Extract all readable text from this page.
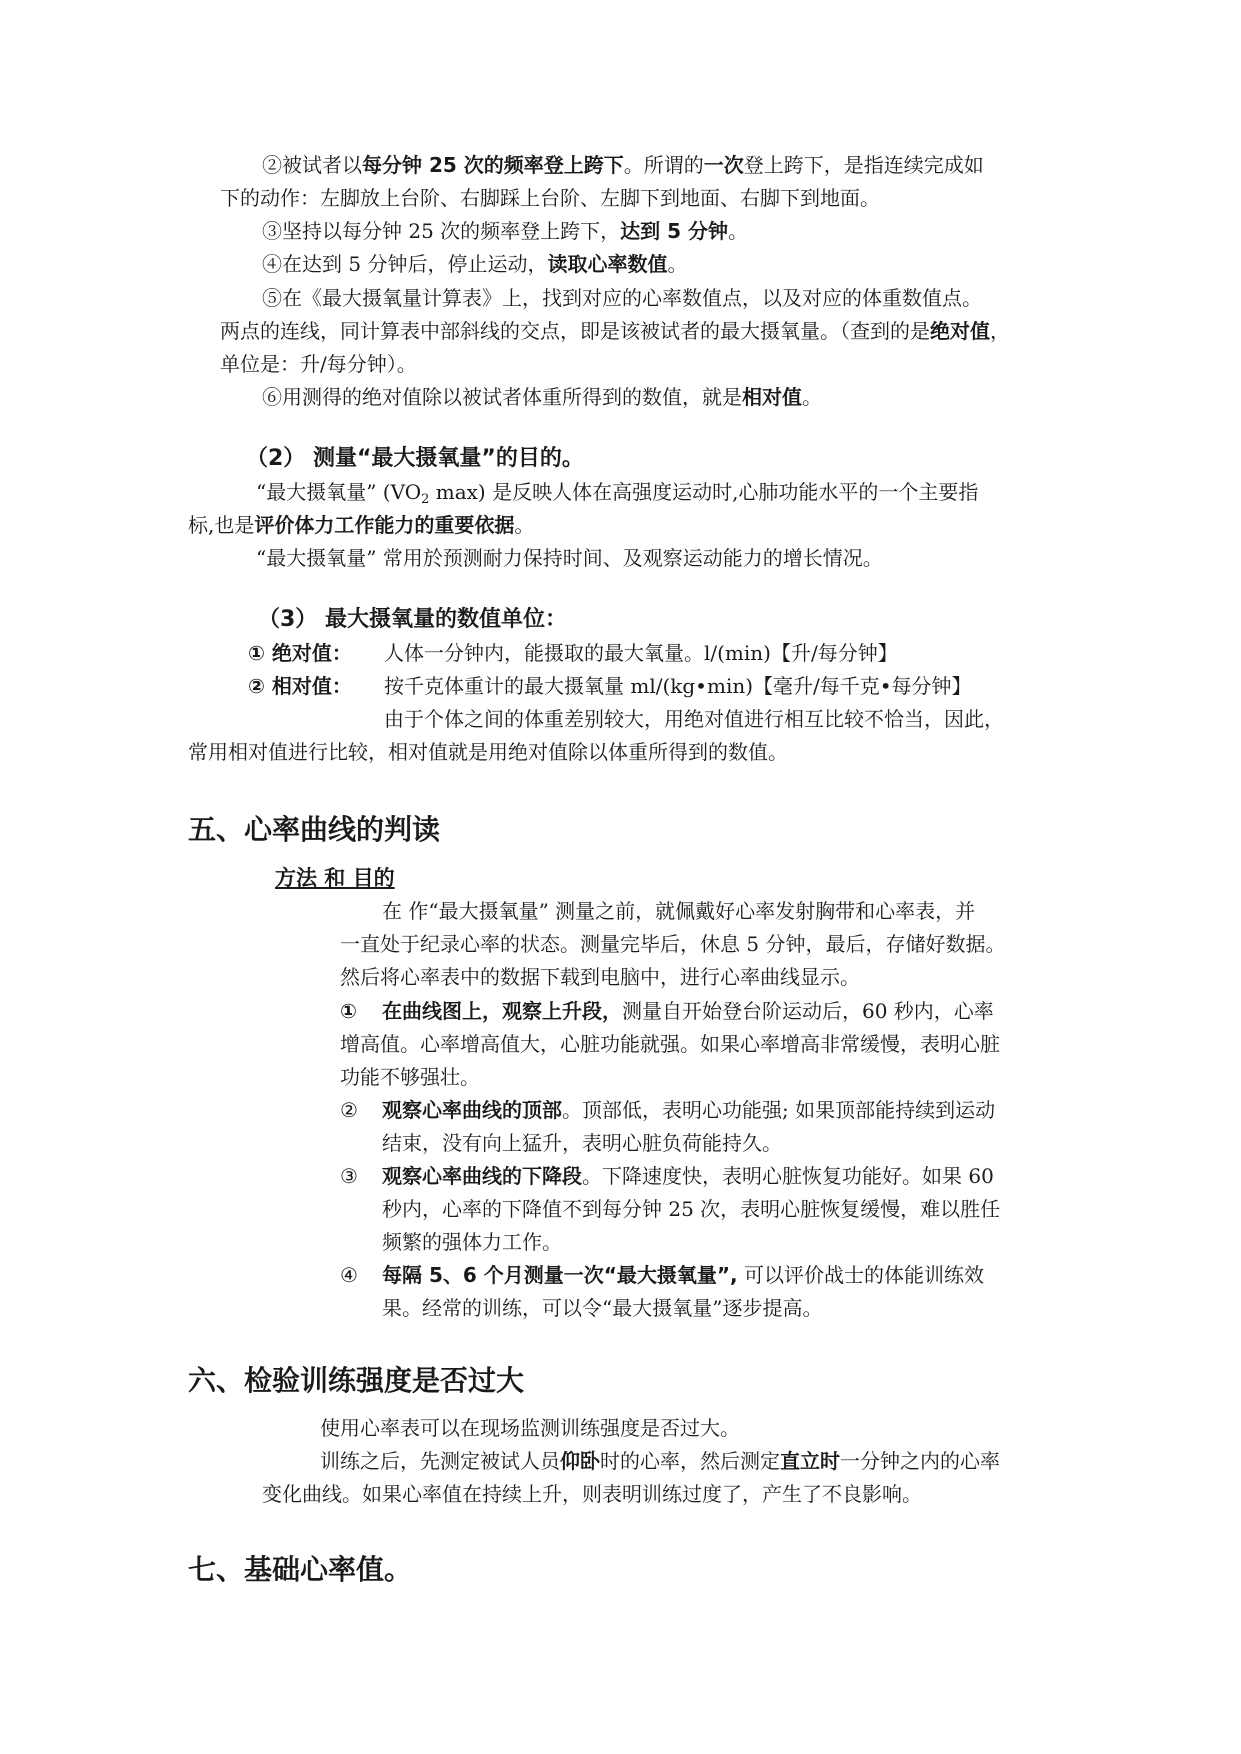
②被试者以每分钟 25 次的频率登上跨下。所谓的一次登上跨下，是指连续完成如

下的动作：左脚放上台阶、右脚踩上台阶、左脚下到地面、右脚下到地面。

③坚持以每分钟 25 次的频率登上跨下，达到 5 分钟。

④在达到 5 分钟后，停止运动，读取心率数值。

⑤在《最大摄氧量计算表》上，找到对应的心率数值点，以及对应的体重数值点。

两点的连线，同计算表中部斜线的交点，即是该被试者的最大摄氧量。（查到的是绝对值，

单位是：升/每分钟）。

⑥用测得的绝对值除以被试者体重所得到的数值，就是相对值。

（2） 测量“最大摄氧量”的目的。

“最大摄氧量” ($VO_2$ max) 是反映人体在高强度运动时,心肺功能水平的一个主要指

标,也是评价体力工作能力的重要依据。

“最大摄氧量” 常用於预测耐力保持时间、及观察运动能力的增长情况。

（3） 最大摄氧量的数值单位：

① 绝对值： 人体一分钟内，能摄取的最大氧量。l/(min)【升/每分钟】

② 相对值： 按千克体重计的最大摄氧量 ml/(kg•min)【毫升/每千克•每分钟】

由于个体之间的体重差别较大，用绝对值进行相互比较不恰当，因此，

常用相对值进行比较，相对值就是用绝对值除以体重所得到的数值。

五、心率曲线的判读

方法 和 目的

在 作“最大摄氧量” 测量之前，就佩戴好心率发射胸带和心率表，并

一直处于纪录心率的状态。测量完毕后，休息 5 分钟，最后，存储好数据。

然后将心率表中的数据下载到电脑中，进行心率曲线显示。

① 在曲线图上，观察上升段，测量自开始登台阶运动后，60 秒内，心率

增高值。心率增高值大，心脏功能就强。如果心率增高非常缓慢，表明心脏

功能不够强壮。

② 观察心率曲线的顶部。顶部低，表明心功能强; 如果顶部能持续到运动

结束，没有向上猛升，表明心脏负荷能持久。

③ 观察心率曲线的下降段。下降速度快，表明心脏恢复功能好。如果 60

秒内，心率的下降值不到每分钟 25 次，表明心脏恢复缓慢，难以胜任

频繁的强体力工作。

④ 每隔 5、6 个月测量一次“最大摄氧量”, 可以评价战士的体能训练效

果。经常的训练，可以令“最大摄氧量”逐步提高。

六、检验训练强度是否过大

使用心率表可以在现场监测训练强度是否过大。

训练之后，先测定被试人员仰卧时的心率，然后测定直立时一分钟之内的心率

变化曲线。如果心率值在持续上升，则表明训练过度了，产生了不良影响。

七、基础心率值。
